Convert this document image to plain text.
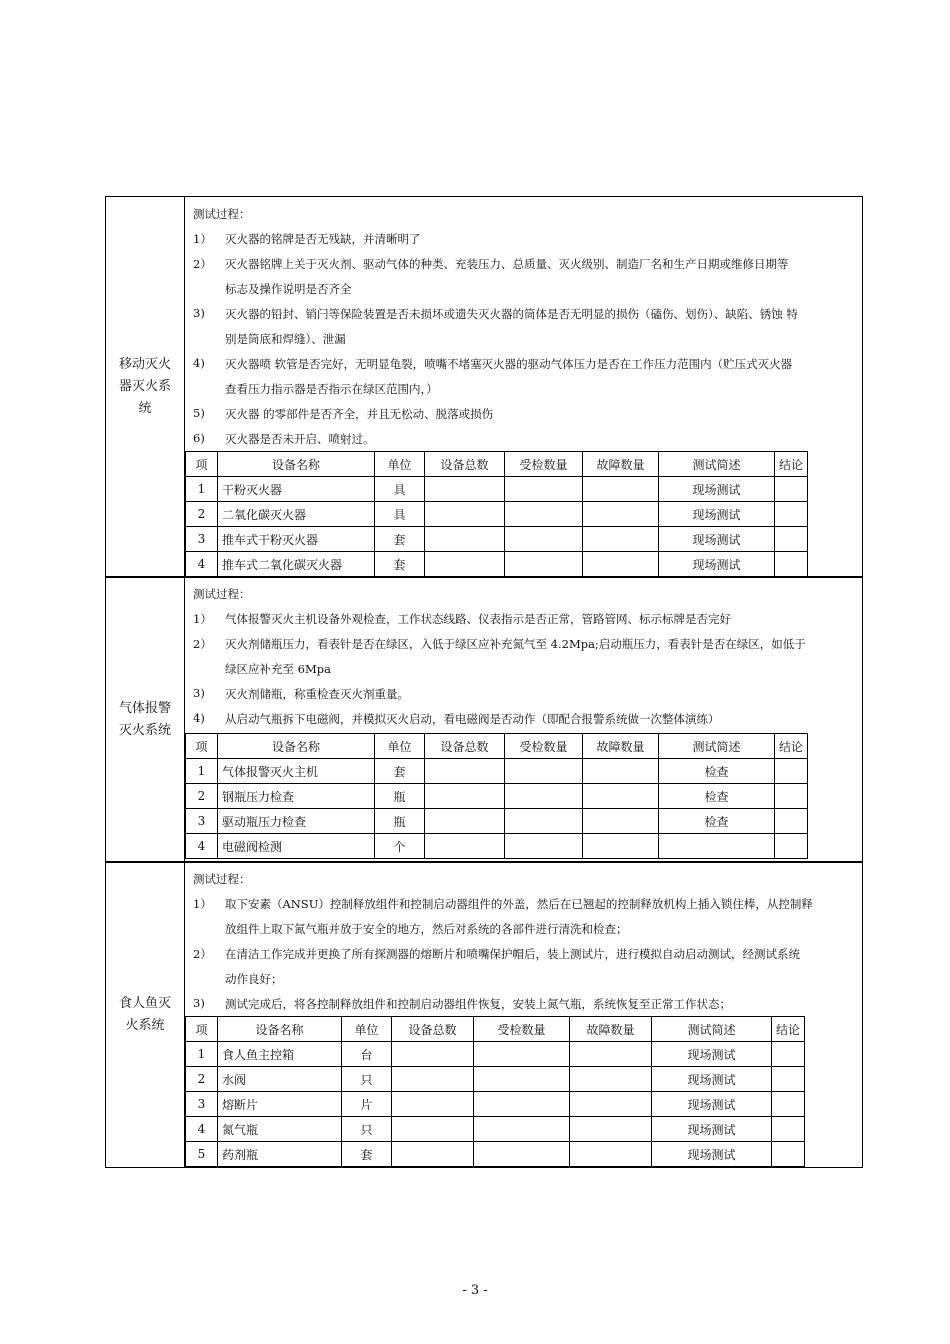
移动灭火
器灭火系
统
测试过程：
1） 灭火器的铭牌是否无残缺，并清晰明了
2） 灭火器铭牌上关于灭火剂、驱动气体的种类、充装压力、总质量、灭火级别、制造厂名和生产日期或维修日期等
标志及操作说明是否齐全
3) 灭火器的铅封、销闩等保险装置是否未损坏或遗失灭火器的筒体是否无明显的损伤（磕伤、划伤）、缺陷、锈蚀 特
别是筒底和焊缝）、泄漏
4) 灭火器喷 软管是否完好，无明显龟裂，喷嘴不堵塞灭火器的驱动气体压力是否在工作压力范围内（贮压式灭火器
查看压力指示器是否指示在绿区范围内，）
5) 灭火器 的零部件是否齐全，并且无松动、脱落或损伤
6) 灭火器是否未开启、喷射过。
项	设备名称	单位	设备总数	受检数量	故障数量	测试简述	结论
1	干粉灭火器	具				现场测试	
2	二氧化碳灭火器	具				现场测试	
3	推车式干粉灭火器	套				现场测试	
4	推车式二氧化碳灭火器	套				现场测试	
气体报警
灭火系统
测试过程：
1） 气体报警灭火主机设备外观检查，工作状态线路、仪表指示是否正常，管路管网、标示标牌是否完好
2） 灭火剂储瓶压力，看表针是否在绿区，入低于绿区应补充氮气至 4.2Mpa;启动瓶压力，看表针是否在绿区，如低于
绿区应补充至 6Mpa
3) 灭火剂储瓶，称重检查灭火剂重量。
4) 从启动气瓶拆下电磁阀，并模拟灭火启动，看电磁阀是否动作（即配合报警系统做一次整体演练）
项	设备名称	单位	设备总数	受检数量	故障数量	测试简述	结论
1	气体报警灭火主机	套				检查	
2	钢瓶压力检查	瓶				检查	
3	驱动瓶压力检查	瓶				检查	
4	电磁阀检测	个					
食人鱼灭
火系统
测试过程：
1） 取下安素（ANSU）控制释放组件和控制启动器组件的外盖，然后在已翘起的控制释放机构上插入锁住棒，从控制释
放组件上取下氮气瓶并放于安全的地方，然后对系统的各部件进行清洗和检查；
2） 在清洁工作完成并更换了所有探测器的熔断片和喷嘴保护帽后，装上测试片，进行模拟自动启动测试，经测试系统
动作良好；
3) 测试完成后，将各控制释放组件和控制启动器组件恢复，安装上氮气瓶，系统恢复至正常工作状态；
项	设备名称	单位	设备总数	受检数量	故障数量	测试简述	结论
1	食人鱼主控箱	台				现场测试	
2	水阀	只				现场测试	
3	熔断片	片				现场测试	
4	氮气瓶	只				现场测试	
5	药剂瓶	套				现场测试	
- 3 -
